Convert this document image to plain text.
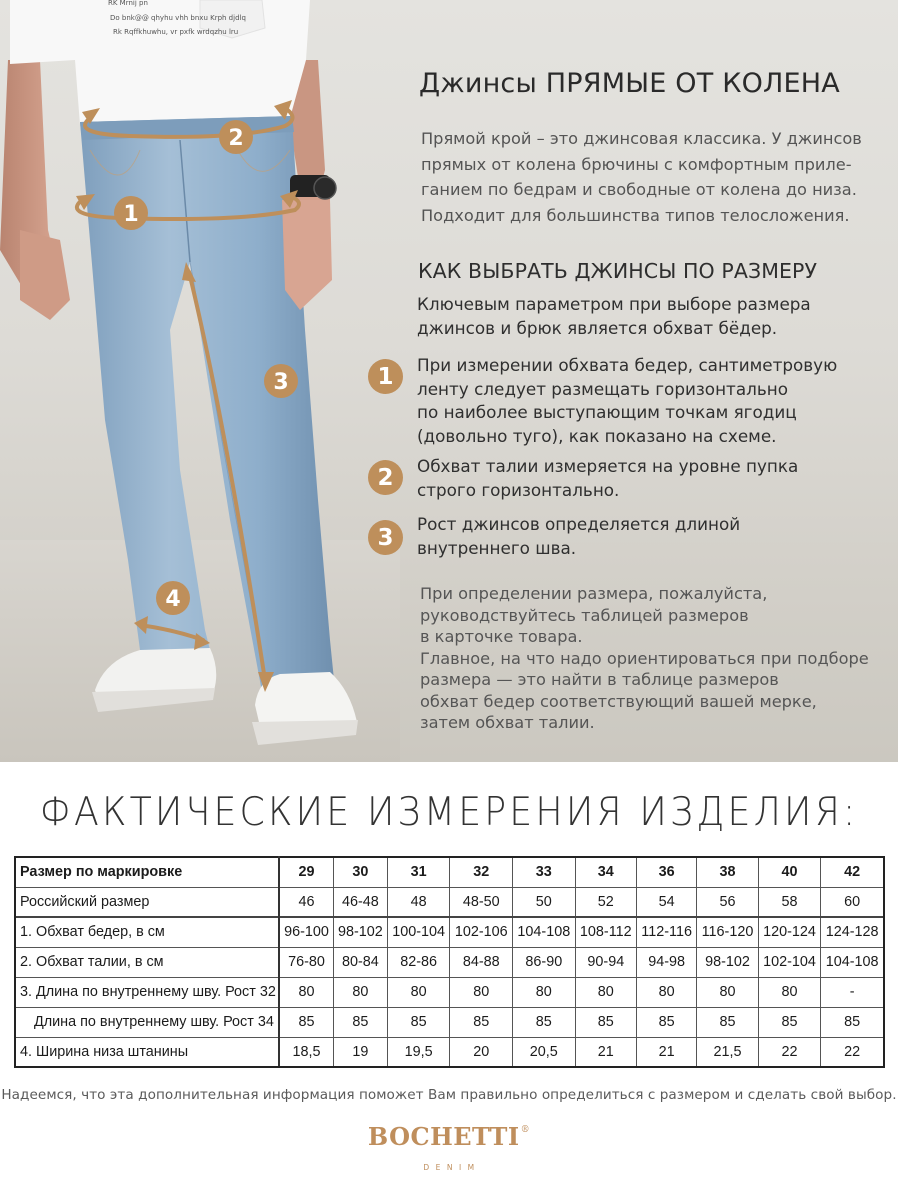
RK Mrnij pn
Do bnk@@ qhyhu vhh bnxu Krph djdlq
Rk Rqffkhuwhu, vr pxfk wrdqzhu lru
1
2
3
4
Джинсы ПРЯМЫЕ ОТ КОЛЕНА
Прямой крой – это джинсовая классика. У джинсов
прямых от колена брючины с комфортным приле-
ганием по бедрам и свободные от колена до низа.
Подходит для большинства типов телосложения.
КАК ВЫБРАТЬ ДЖИНСЫ ПО РАЗМЕРУ
Ключевым параметром при выборе размера
джинсов и брюк является обхват бёдер.
1	При измерении обхвата бедер, сантиметровую
ленту следует размещать горизонтально
по наиболее выступающим точкам ягодиц
(довольно туго), как показано на схеме.
2	Обхват талии измеряется на уровне пупка
строго горизонтально.
3
Рост джинсов определяется длиной
внутреннего шва.
При определении размера, пожалуйста,
руководствуйтесь таблицей размеров
в карточке товара.
Главное, на что надо ориентироваться при подборе
размера — это найти в таблице размеров
обхват бедер соответствующий вашей мерке,
затем обхват талии.
ФАКТИЧЕСКИЕ ИЗМЕРЕНИЯ ИЗДЕЛИЯ:
Размер по маркировке	29	30	31	32	33	34	36	38	40	42
Российский размер	46	46-48	48	48-50	50	52	54	56	58	60
1. Обхват бедер, в см	96-100	98-102	100-104	102-106	104-108	108-112	112-116	116-120	120-124	124-128
2. Обхват талии, в см	76-80	80-84	82-86	84-88	86-90	90-94	94-98	98-102	102-104	104-108
3. Длина по внутреннему шву. Рост 32	80	80	80	80	80	80	80	80	80	-
Длина по внутреннему шву. Рост 34	85	85	85	85	85	85	85	85	85	85
4. Ширина низа штанины	18,5	19	19,5	20	20,5	21	21	21,5	22	22
Надеемся, что эта дополнительная информация поможет Вам правильно определиться с размером и сделать свой выбор.
BOCHETTI®
DENIM
